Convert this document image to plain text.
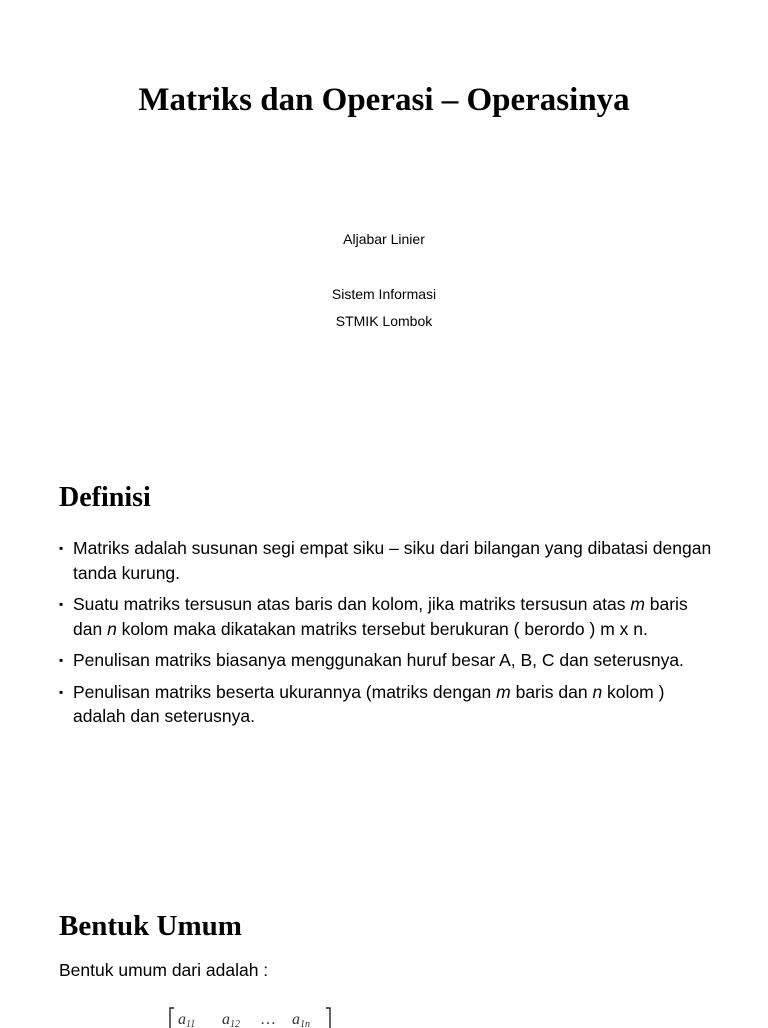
Matriks dan Operasi – Operasinya

Aljabar Linier

Sistem Informasi

STMIK Lombok

Definisi
▪ Matriks adalah susunan segi empat siku – siku dari bilangan yang dibatasi dengan tanda kurung.
▪ Suatu matriks tersusun atas baris dan kolom, jika matriks tersusun atas m baris dan n kolom maka dikatakan matriks tersebut berukuran ( berordo ) m x n.
▪ Penulisan matriks biasanya menggunakan huruf besar A, B, C dan seterusnya.
▪ Penulisan matriks beserta ukurannya (matriks dengan m baris dan n kolom ) adalah dan seterusnya.
Bentuk Umum

Bentuk umum dari adalah :

a11 a12 … a1n
